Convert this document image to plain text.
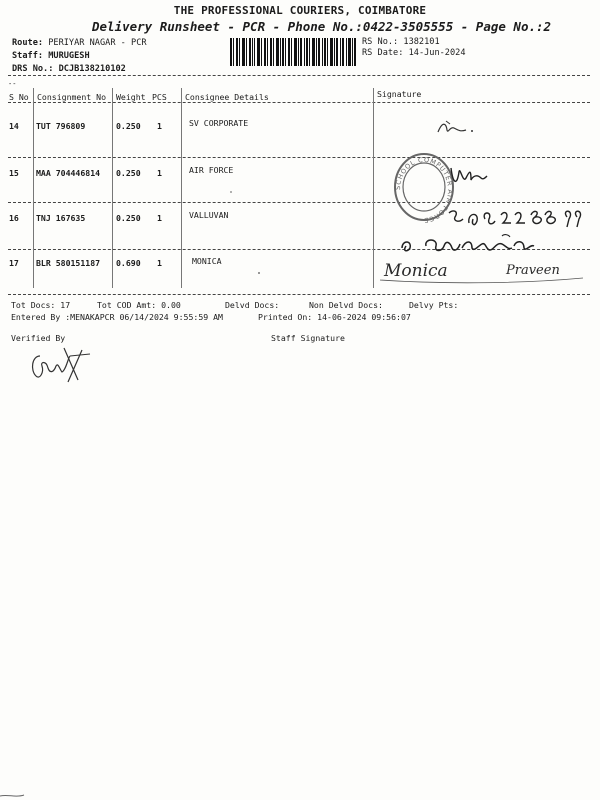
THE PROFESSIONAL COURIERS, COIMBATORE
Delivery Runsheet - PCR - Phone No.:0422-3505555 - Page No.:2
Route: PERIYAR NAGAR - PCR
Staff: MURUGESH
DRS No.: DCJB138210102
RS No.: 1382101
RS Date: 14-Jun-2024
--
S No Consignment No Weight PCS Consignee Details	Signature
14 TUT 796809	0.250 1	SV CORPORATE
15 MAA 704446814 0.250 1	AIR FORCE
16 TNJ 167635	0.250 1	VALLUVAN
17 BLR 580151187 0.690 1	MONICA
SCHOOL COMPUTER AIR FORCE
Monica	Praveen
Tot Docs: 17	Tot COD Amt: 0.00	Delvd Docs:	Non Delvd Docs:	Delvy Pts:
Entered By :MENAKAPCR 06/14/2024 9:55:59 AM	Printed On: 14-06-2024 09:56:07
Verified By	Staff Signature
